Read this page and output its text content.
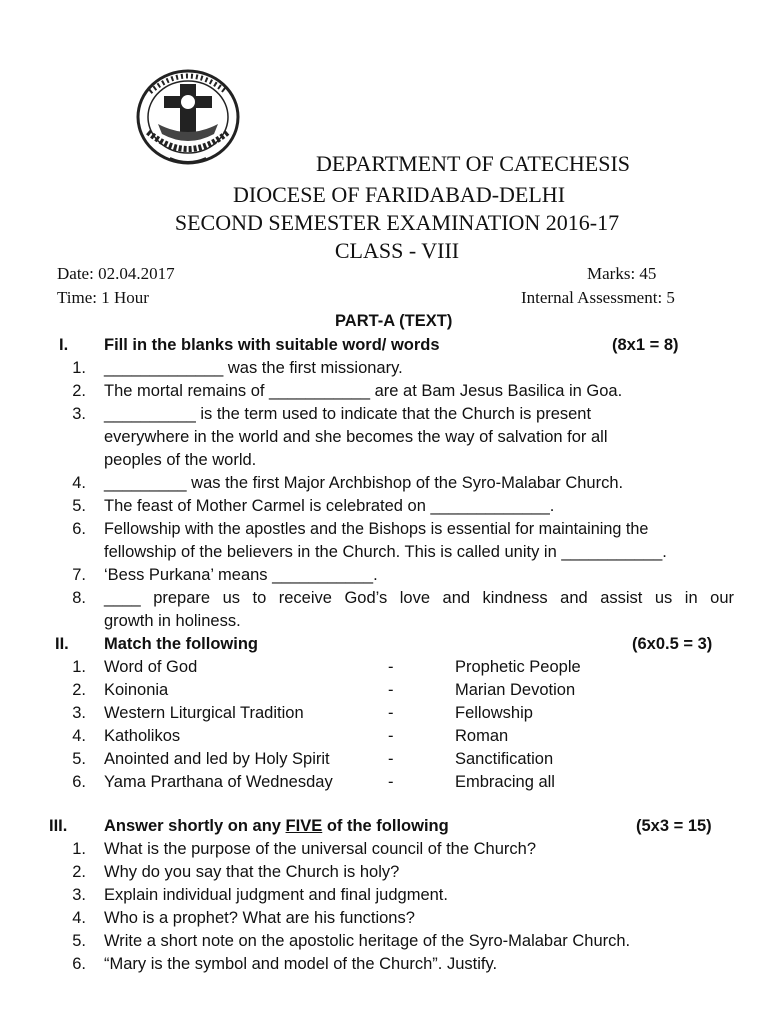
DEPARTMENT OF CATECHESIS
DIOCESE OF FARIDABAD-DELHI
SECOND SEMESTER EXAMINATION 2016-17
CLASS - VIII
Date: 02.04.2017	Marks: 45
Time: 1 Hour	Internal Assessment: 5
PART-A (TEXT)
I. Fill in the blanks with suitable word/ words	(8x1 = 8)
1. _____________ was the first missionary.
2. The mortal remains of ___________ are at Bam Jesus Basilica in Goa.
3. __________ is the term used to indicate that the Church is present
everywhere in the world and she becomes the way of salvation for all
peoples of the world.
4. _________ was the first Major Archbishop of the Syro-Malabar Church.
5. The feast of Mother Carmel is celebrated on _____________.
6. Fellowship with the apostles and the Bishops is essential for maintaining the
fellowship of the believers in the Church. This is called unity in ___________.
7. ‘Bess Purkana’ means ___________.
8. ____ prepare us to receive God’s love and kindness and assist us in our
growth in holiness.
II. Match the following	(6x0.5 = 3)
1. Word of God	-	Prophetic People
2. Koinonia	-	Marian Devotion
3. Western Liturgical Tradition	-	Fellowship
4. Katholikos	-	Roman
5. Anointed and led by Holy Spirit	-	Sanctification
6. Yama Prarthana of Wednesday	-	Embracing all
III. Answer shortly on any FIVE of the following	(5x3 = 15)
1. What is the purpose of the universal council of the Church?
2. Why do you say that the Church is holy?
3. Explain individual judgment and final judgment.
4. Who is a prophet? What are his functions?
5. Write a short note on the apostolic heritage of the Syro-Malabar Church.
6. “Mary is the symbol and model of the Church”. Justify.
